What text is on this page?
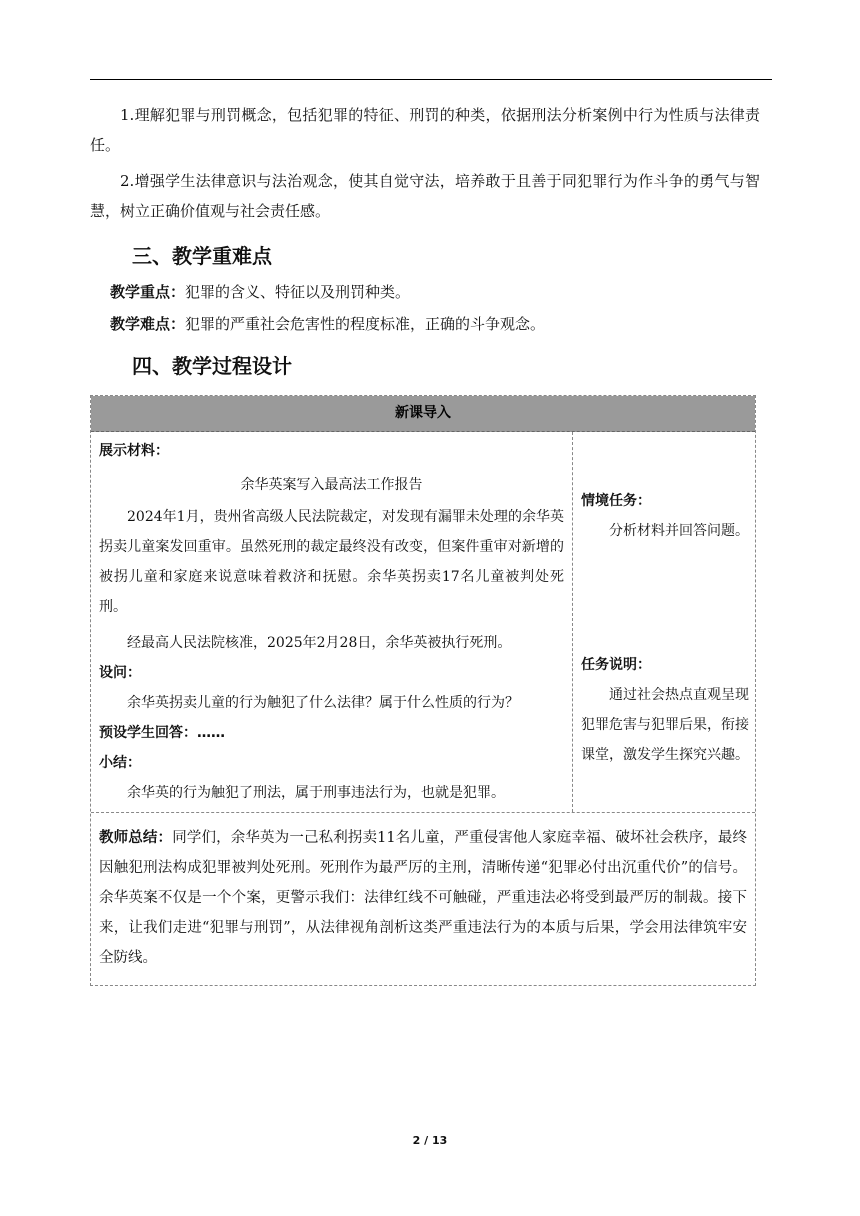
1.理解犯罪与刑罚概念，包括犯罪的特征、刑罚的种类，依据刑法分析案例中行为性质与法律责任。

2.增强学生法律意识与法治观念，使其自觉守法，培养敢于且善于同犯罪行为作斗争的勇气与智慧，树立正确价值观与社会责任感。

三、教学重难点

教学重点：犯罪的含义、特征以及刑罚种类。

教学难点：犯罪的严重社会危害性的程度标准，正确的斗争观念。

四、教学过程设计
新课导入

展示材料：

余华英案写入最高法工作报告

2024年1月，贵州省高级人民法院裁定，对发现有漏罪未处理的余华英拐卖儿童案发回重审。虽然死刑的裁定最终没有改变，但案件重审对新增的被拐儿童和家庭来说意味着救济和抚慰。余华英拐卖17名儿童被判处死刑。

经最高人民法院核准，2025年2月28日，余华英被执行死刑。

设问：

余华英拐卖儿童的行为触犯了什么法律？属于什么性质的行为？

预设学生回答：……

小结：

余华英的行为触犯了刑法，属于刑事违法行为，也就是犯罪。

情境任务：

分析材料并回答问题。

任务说明：

通过社会热点直观呈现犯罪危害与犯罪后果，衔接课堂，激发学生探究兴趣。

教师总结：同学们，余华英为一己私利拐卖11名儿童，严重侵害他人家庭幸福、破坏社会秩序，最终因触犯刑法构成犯罪被判处死刑。死刑作为最严厉的主刑，清晰传递“犯罪必付出沉重代价”的信号。余华英案不仅是一个个案，更警示我们：法律红线不可触碰，严重违法必将受到最严厉的制裁。接下来，让我们走进“犯罪与刑罚”，从法律视角剖析这类严重违法行为的本质与后果，学会用法律筑牢安全防线。
2 / 13
